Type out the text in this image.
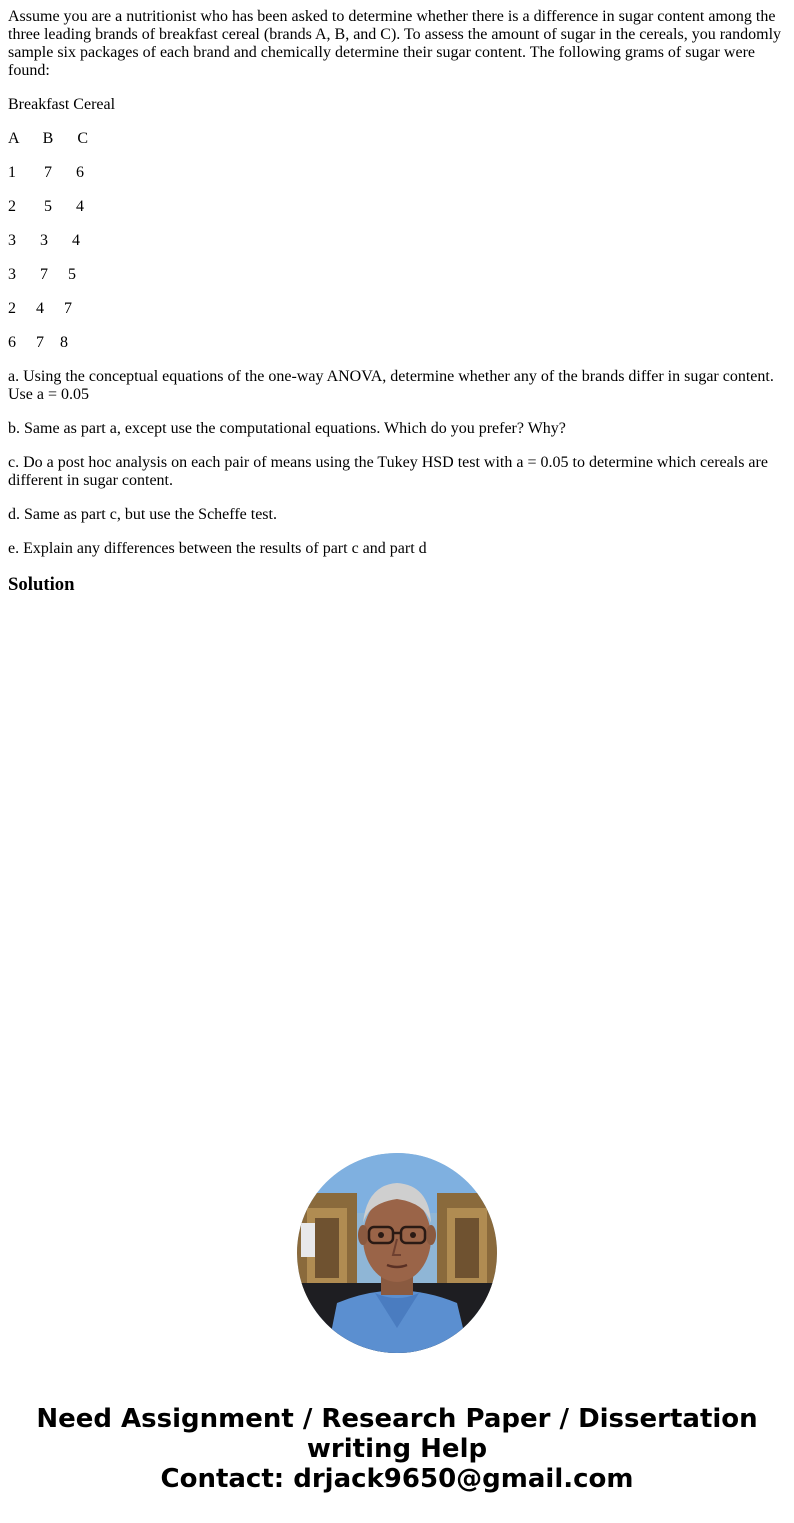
Assume you are a nutritionist who has been asked to determine whether there is a difference in sugar content among the three leading brands of breakfast cereal (brands A, B, and C). To assess the amount of sugar in the cereals, you randomly sample six packages of each brand and chemically determine their sugar content. The following grams of sugar were found:

Breakfast Cereal

A      B      C

1       7      6

2       5      4

3      3      4

3      7     5

2     4     7

6     7    8

a. Using the conceptual equations of the one-way ANOVA, determine whether any of the brands differ in sugar content. Use a = 0.05

b. Same as part a, except use the computational equations. Which do you prefer? Why?

c. Do a post hoc analysis on each pair of means using the Tukey HSD test with a = 0.05 to determine which cereals are different in sugar content.

d. Same as part c, but use the Scheffe test.

e. Explain any differences between the results of part c and part d

Solution
Need Assignment / Research Paper / Dissertation
writing Help
Contact: drjack9650@gmail.com
